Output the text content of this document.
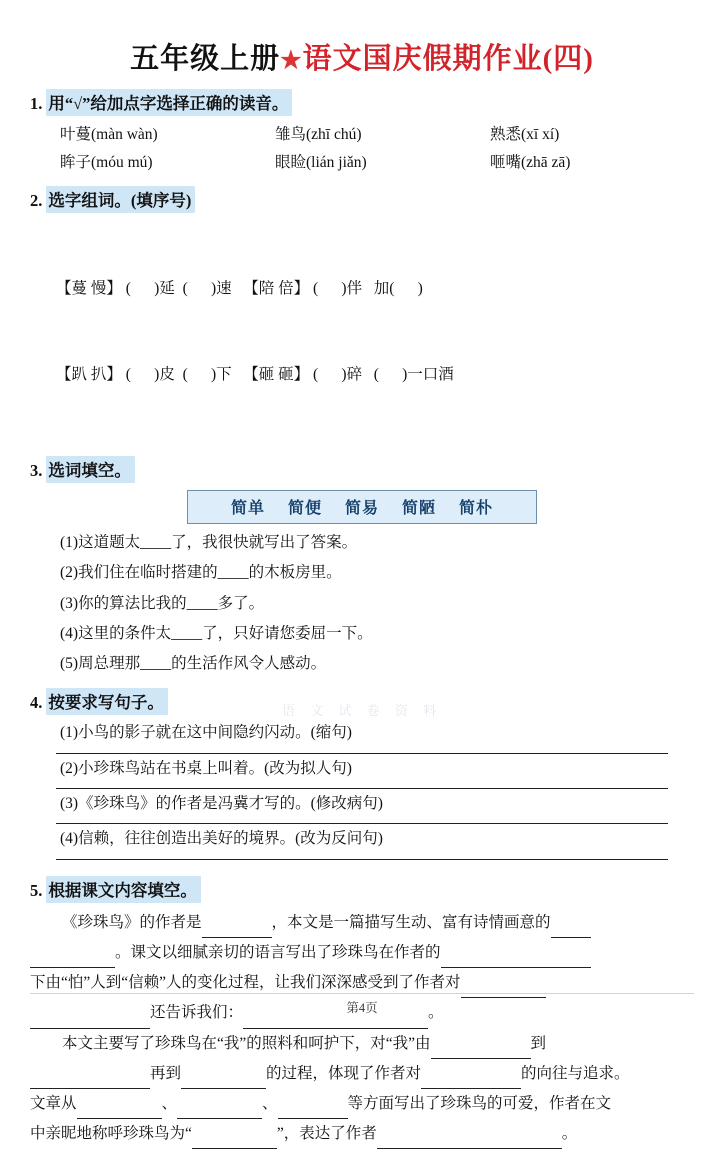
五年级上册★语文国庆假期作业(四)
1. 用“√”给加点字选择正确的读音。
叶蔓(màn wàn)	雏鸟(zhī chú)	熟悉(xī xí)
眸子(móu mú)	眼睑(lián jiǎn)	咂嘴(zhā zā)
2. 选字组词。(填序号)

【蔓 慢】 (      )延  (      )速   【陪 倍】 (      )伴   加(      )

【趴 扒】 (      )皮  (      )下   【砸 砸】 (      )碎   (      )一口酒

3. 选词填空。
简单 简便 简易 简陋 简朴
(1)这道题太____了，我很快就写出了答案。
(2)我们住在临时搭建的____的木板房里。
(3)你的算法比我的____多了。
(4)这里的条件太____了，只好请您委屈一下。
(5)周总理那____的生活作风令人感动。
4. 按要求写句子。
(1)小鸟的影子就在这中间隐约闪动。(缩句)
(2)小珍珠鸟站在书桌上叫着。(改为拟人句)
(3)《珍珠鸟》的作者是冯冀才写的。(修改病句)
(4)信赖，往往创造出美好的境界。(改为反问句)
语 文 试 卷 资 料
5. 根据课文内容填空。

《珍珠鸟》的作者是	，本文是一篇描写生动、富有诗情画意的

。课文以细腻亲切的语言写出了珍珠鸟在作者的

下由“怕”人到“信赖”人的变化过程，让我们深深感受到了作者对

还告诉我们：	。

本文主要写了珍珠鸟在“我”的照料和呵护下，对“我”由	到

再到	的过程，体现了作者对	的向往与追求。

文章从	、	、	等方面写出了珍珠鸟的可爱，作者在文

中亲昵地称呼珍珠鸟为“	”，表达了作者	。

第4页
